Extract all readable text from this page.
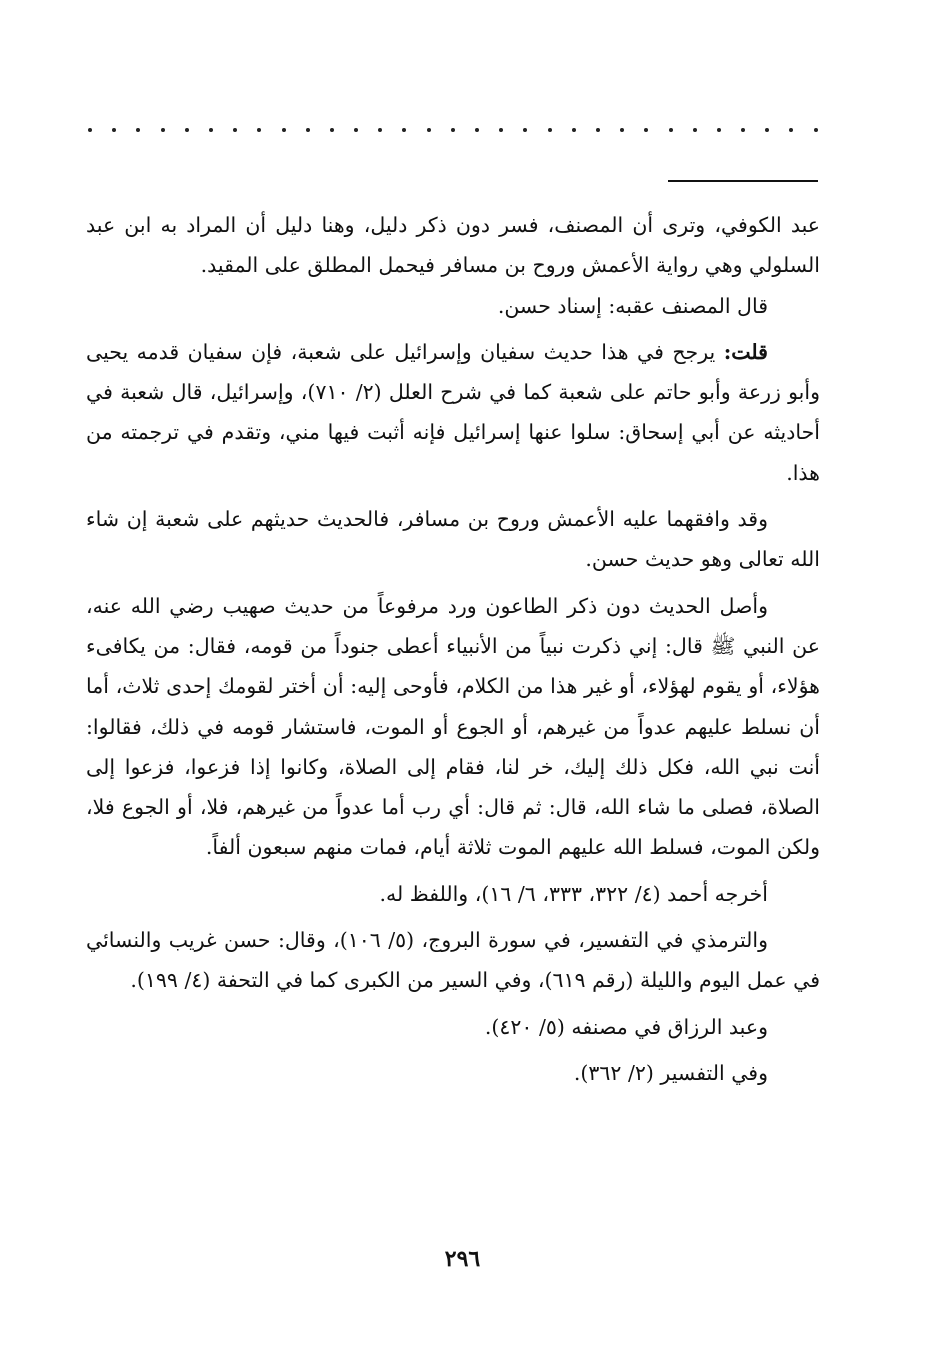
عبد الكوفي، وترى أن المصنف، فسر دون ذكر دليل، وهنا دليل أن المراد به ابن عبد السلولي وهي رواية الأعمش وروح بن مسافر فيحمل المطلق على المقيد.

قال المصنف عقبه: إسناد حسن.

قلت: يرجح في هذا حديث سفيان وإسرائيل على شعبة، فإن سفيان قدمه يحيى وأبو زرعة وأبو حاتم على شعبة كما في شرح العلل (٢/ ٧١٠)، وإسرائيل، قال شعبة في أحاديثه عن أبي إسحاق: سلوا عنها إسرائيل فإنه أثبت فيها مني، وتقدم في ترجمته من هذا.

وقد وافقهما عليه الأعمش وروح بن مسافر، فالحديث حديثهم على شعبة إن شاء الله تعالى وهو حديث حسن.

وأصل الحديث دون ذكر الطاعون ورد مرفوعاً من حديث صهيب رضي الله عنه، عن النبي ﷺ قال: إني ذكرت نبياً من الأنبياء أعطى جنوداً من قومه، فقال: من يكافىء هؤلاء، أو يقوم لهؤلاء، أو غير هذا من الكلام، فأوحى إليه: أن أختر لقومك إحدى ثلاث، أما أن نسلط عليهم عدواً من غيرهم، أو الجوع أو الموت، فاستشار قومه في ذلك، فقالوا: أنت نبي الله، فكل ذلك إليك، خر لنا، فقام إلى الصلاة، وكانوا إذا فزعوا، فزعوا إلى الصلاة، فصلى ما شاء الله، قال: ثم قال: أي رب أما عدواً من غيرهم، فلا، أو الجوع فلا، ولكن الموت، فسلط الله عليهم الموت ثلاثة أيام، فمات منهم سبعون ألفاً.

أخرجه أحمد (٤/ ٣٢٢، ٣٣٣، ٦/ ١٦)، واللفظ له.

والترمذي في التفسير، في سورة البروج، (٥/ ١٠٦)، وقال: حسن غريب والنسائي في عمل اليوم والليلة (رقم ٦١٩)، وفي السير من الكبرى كما في التحفة (٤/ ١٩٩).

وعبد الرزاق في مصنفه (٥/ ٤٢٠).

وفي التفسير (٢/ ٣٦٢).

٢٩٦
